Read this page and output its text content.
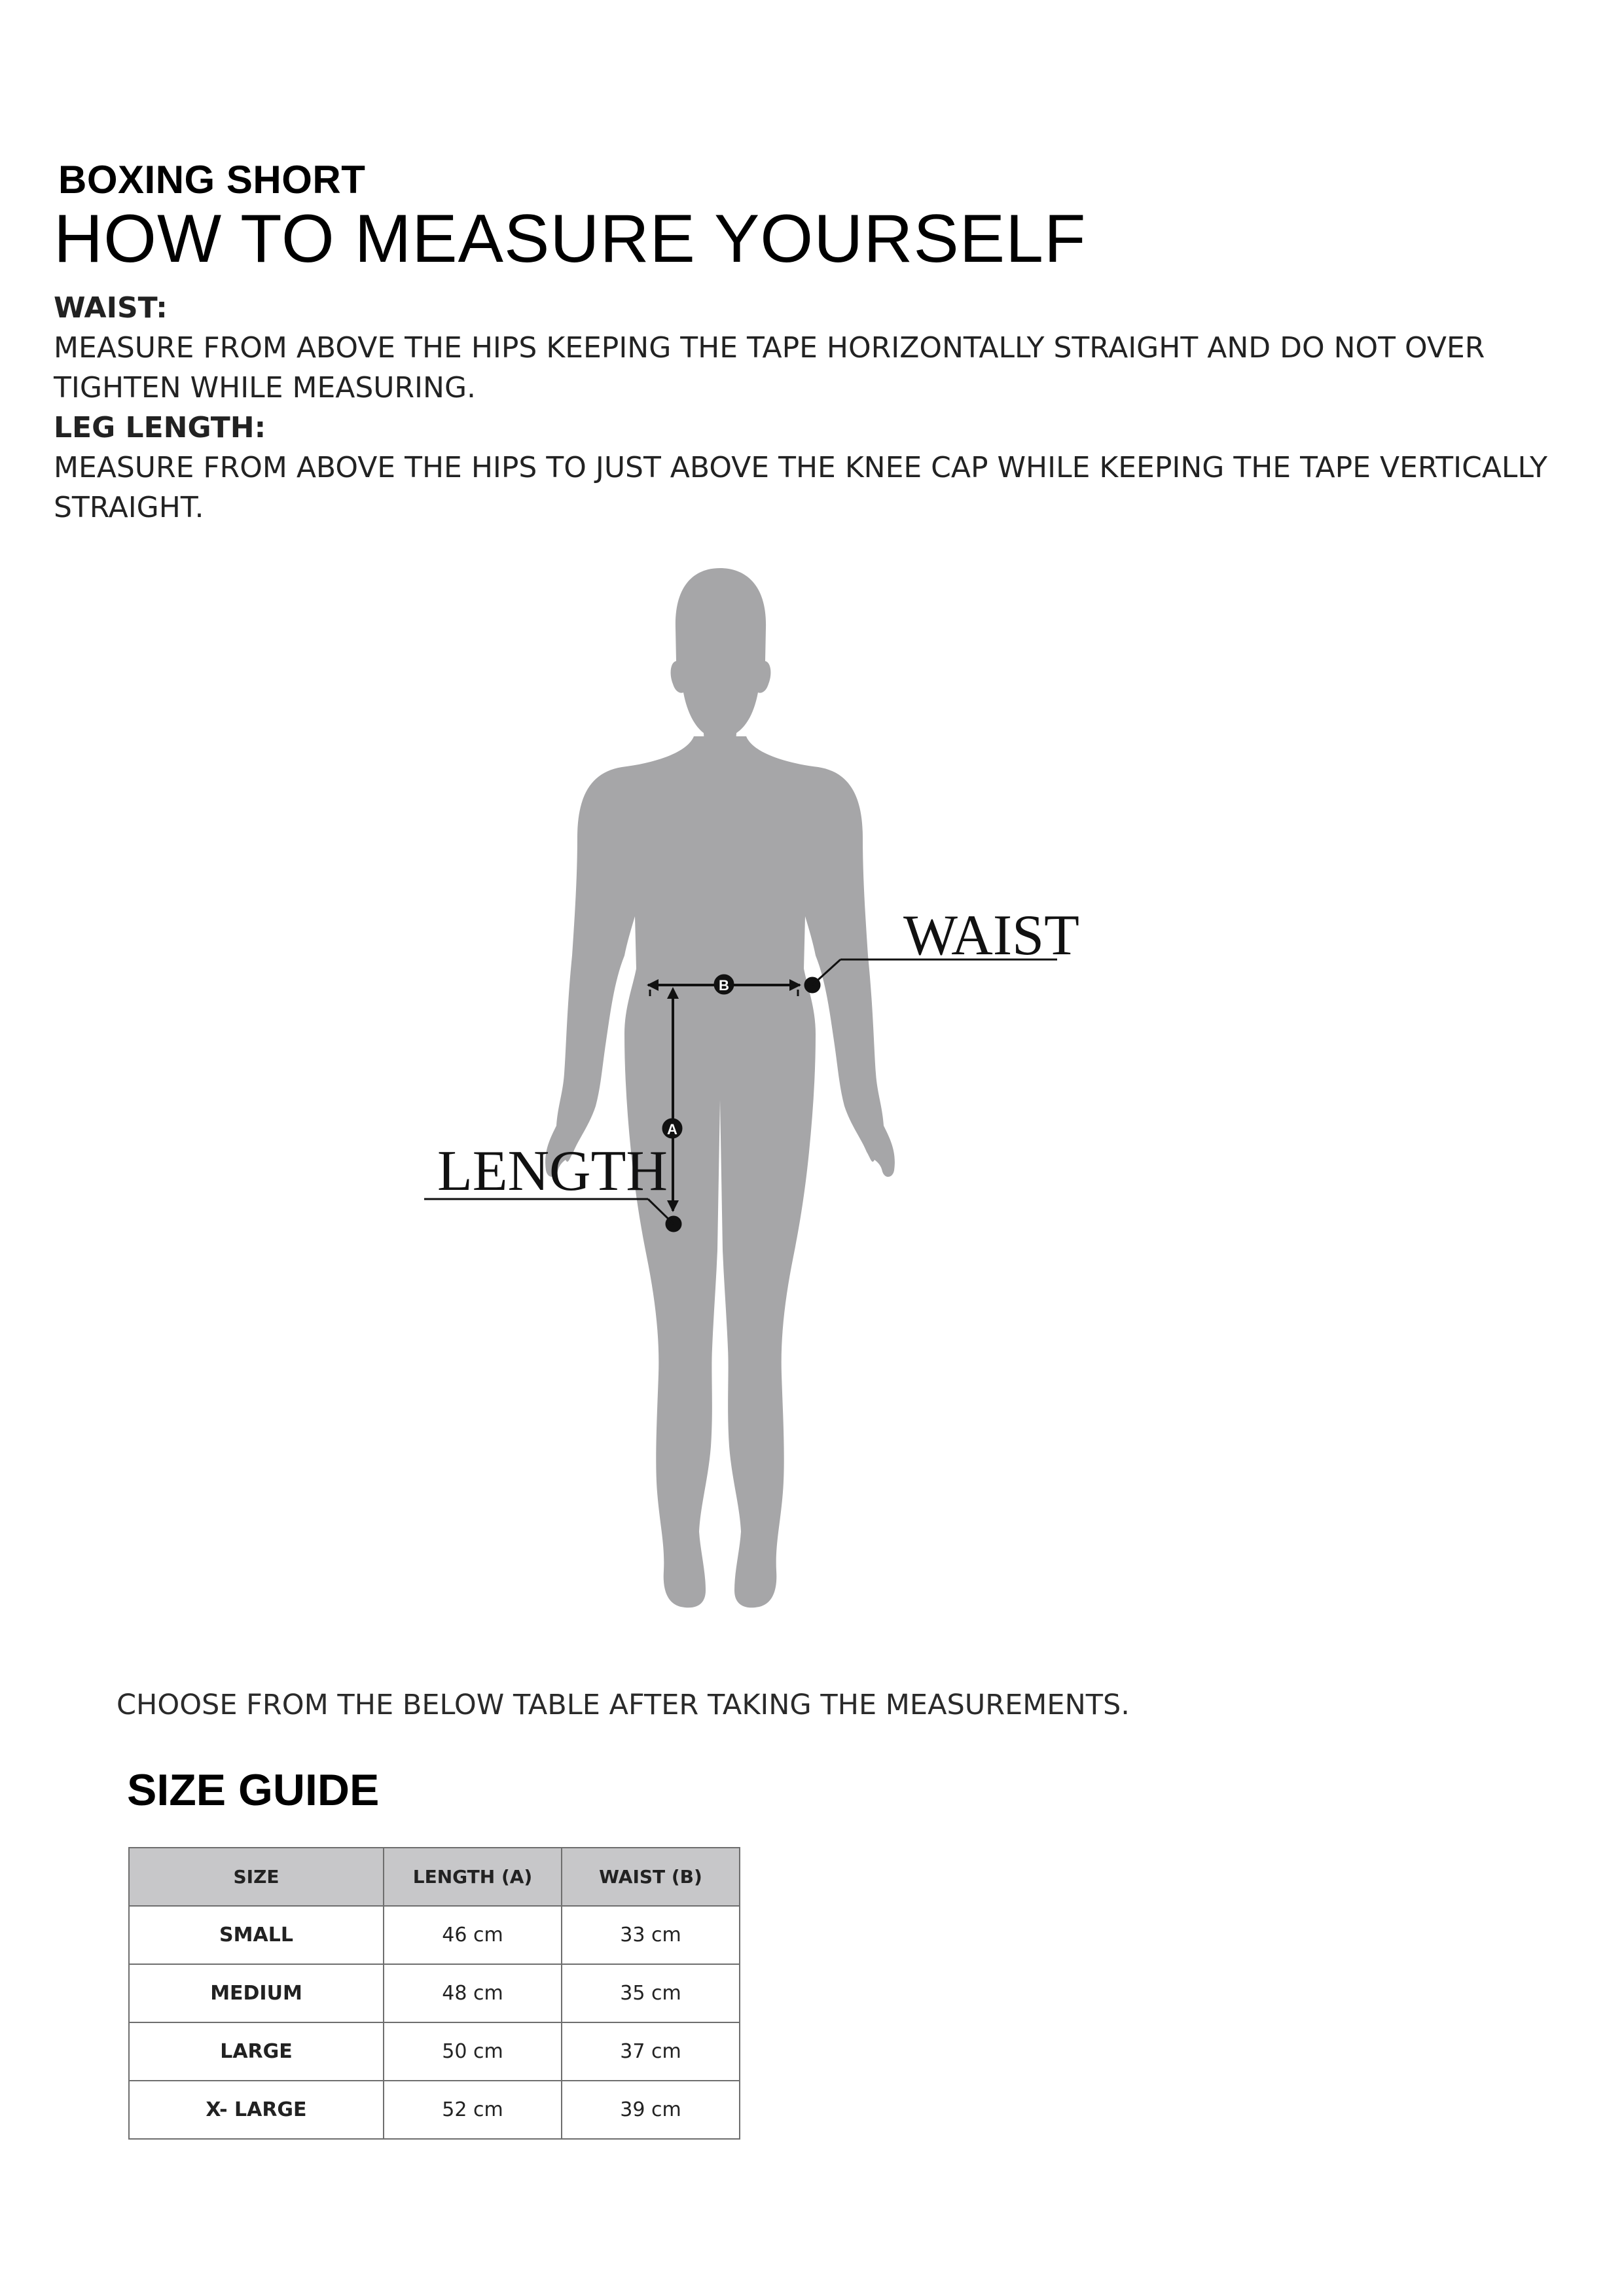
BOXING SHORT
HOW TO MEASURE YOURSELF

WAIST:

MEASURE FROM ABOVE THE HIPS KEEPING THE TAPE HORIZONTALLY STRAIGHT AND DO NOT OVER TIGHTEN WHILE MEASURING.

LEG LENGTH:

MEASURE FROM ABOVE THE HIPS TO JUST ABOVE THE KNEE CAP WHILE KEEPING THE TAPE VERTICALLY STRAIGHT.

B
WAIST
A
LENGTH
CHOOSE FROM THE BELOW TABLE AFTER TAKING THE MEASUREMENTS.
SIZE GUIDE
SIZE	LENGTH (A)	WAIST (B)
SMALL	46 cm	33 cm
MEDIUM	48 cm	35 cm
LARGE	50 cm	37 cm
X- LARGE	52 cm	39 cm
